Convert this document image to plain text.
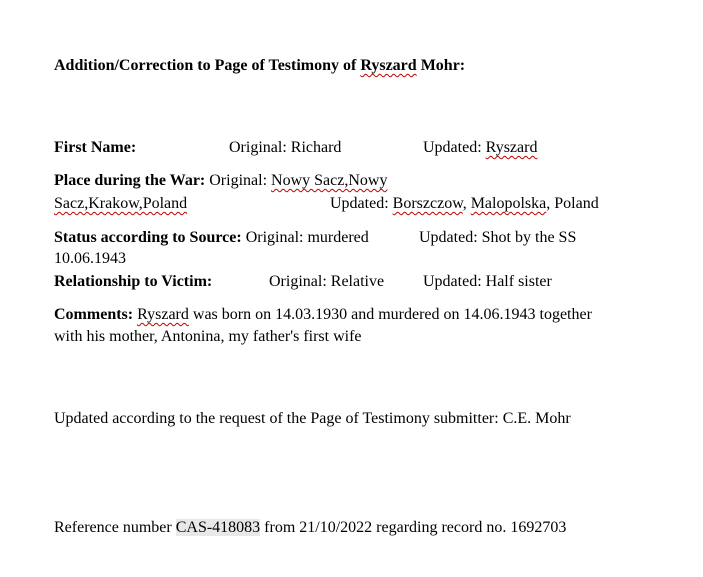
Addition/Correction to Page of Testimony of Ryszard Mohr:
First Name:	Original: Richard	Updated: Ryszard
Place during the War: Original: Nowy Sacz,Nowy
Sacz,Krakow,Poland	Updated: Borszczow, Malopolska, Poland
Status according to Source: Original: murdered	Updated: Shot by the SS
10.06.1943
Relationship to Victim:	Original: Relative Updated: Half sister
Comments: Ryszard was born on 14.03.1930 and murdered on 14.06.1943 together
with his mother, Antonina, my father's first wife
Updated according to the request of the Page of Testimony submitter: C.E. Mohr
Reference number CAS-418083 from 21/10/2022 regarding record no. 1692703
